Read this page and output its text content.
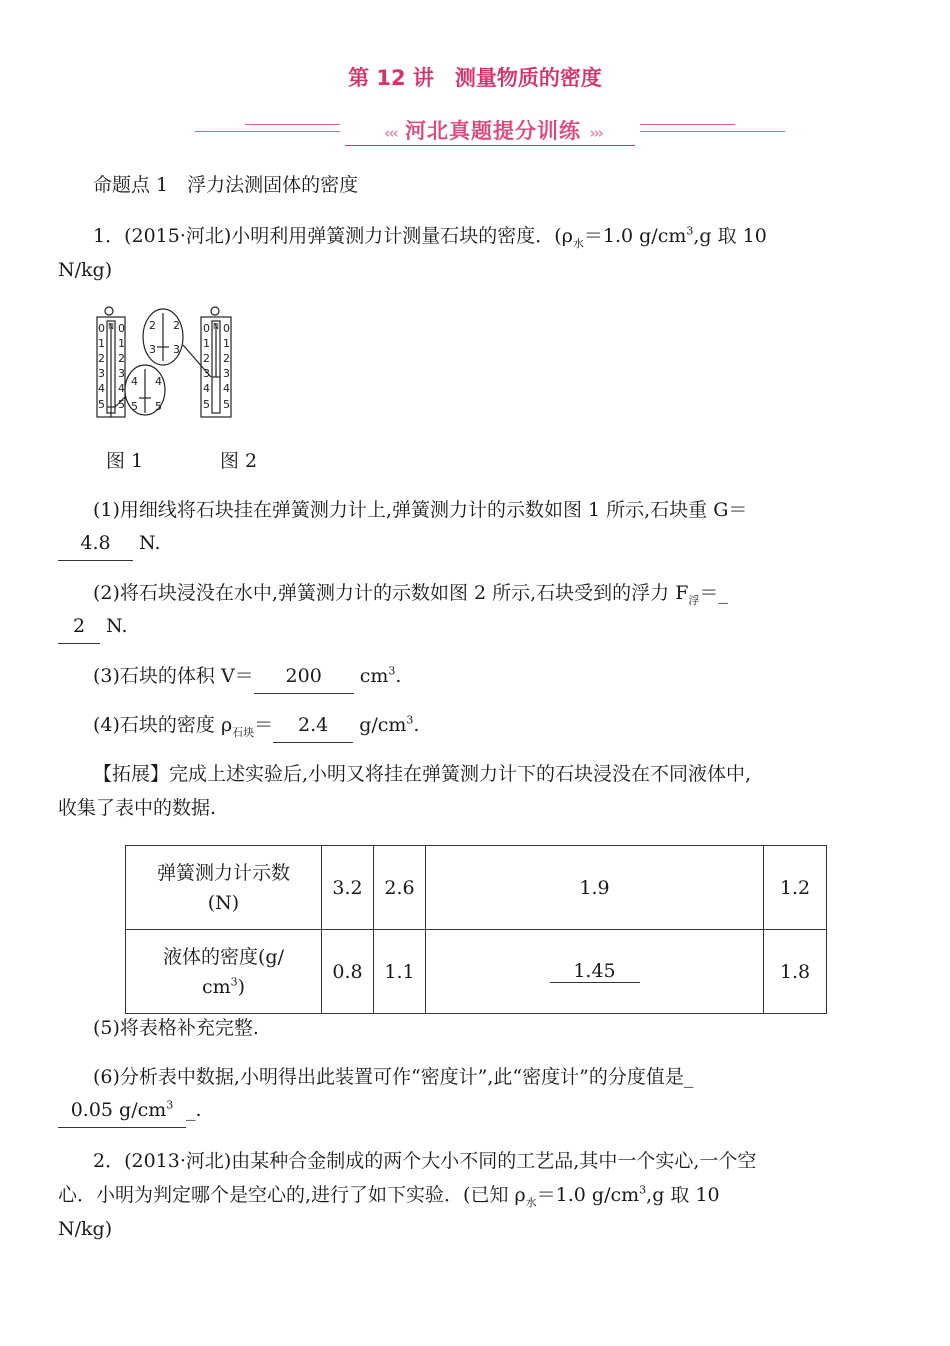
第 12 讲　测量物质的密度
‹‹‹ 河北真题提分训练 ›››
命题点 1　浮力法测固体的密度
1．(2015·河北)小明利用弹簧测力计测量石块的密度．($\rho_水=1.0$ $g/cm^3,g$ 取 10
N/kg)
0
1
2
3
4
5
0
1
2
3
4
5
N
4
5
4
5
2
3
2
3
0
1
2
3
4
5
0
1
2
3
4
5
N
图 1	图 2
(1)用细线将石块挂在弹簧测力计上,弹簧测力计的示数如图 1 所示,石块重 G＝
4.8 N.
(2)将石块浸没在水中,弹簧测力计的示数如图 2 所示,石块受到的浮力 $F_浮=\_$
2 N.
(3)石块的体积 V＝ 200 $cm^3$.
(4)石块的密度 $\rho_{石块}= 2.4$ $g/cm^3$.
【拓展】完成上述实验后,小明又将挂在弹簧测力计下的石块浸没在不同液体中,
收集了表中的数据.
弹簧测力计示数
(N)	3.2	2.6	1.9	1.2

液体的密度(g/
$cm^3$)	0.8	1.1	1.45	1.8
(5)将表格补充完整.
(6)分析表中数据,小明得出此装置可作“密度计”,此“密度计”的分度值是_
0.05 $g/cm^3$ _.
2．(2013·河北)由某种合金制成的两个大小不同的工艺品,其中一个实心,一个空
心．小明为判定哪个是空心的,进行了如下实验．(已知 $\rho_水=1.0$ $g/cm^3,g$ 取 10
N/kg)
